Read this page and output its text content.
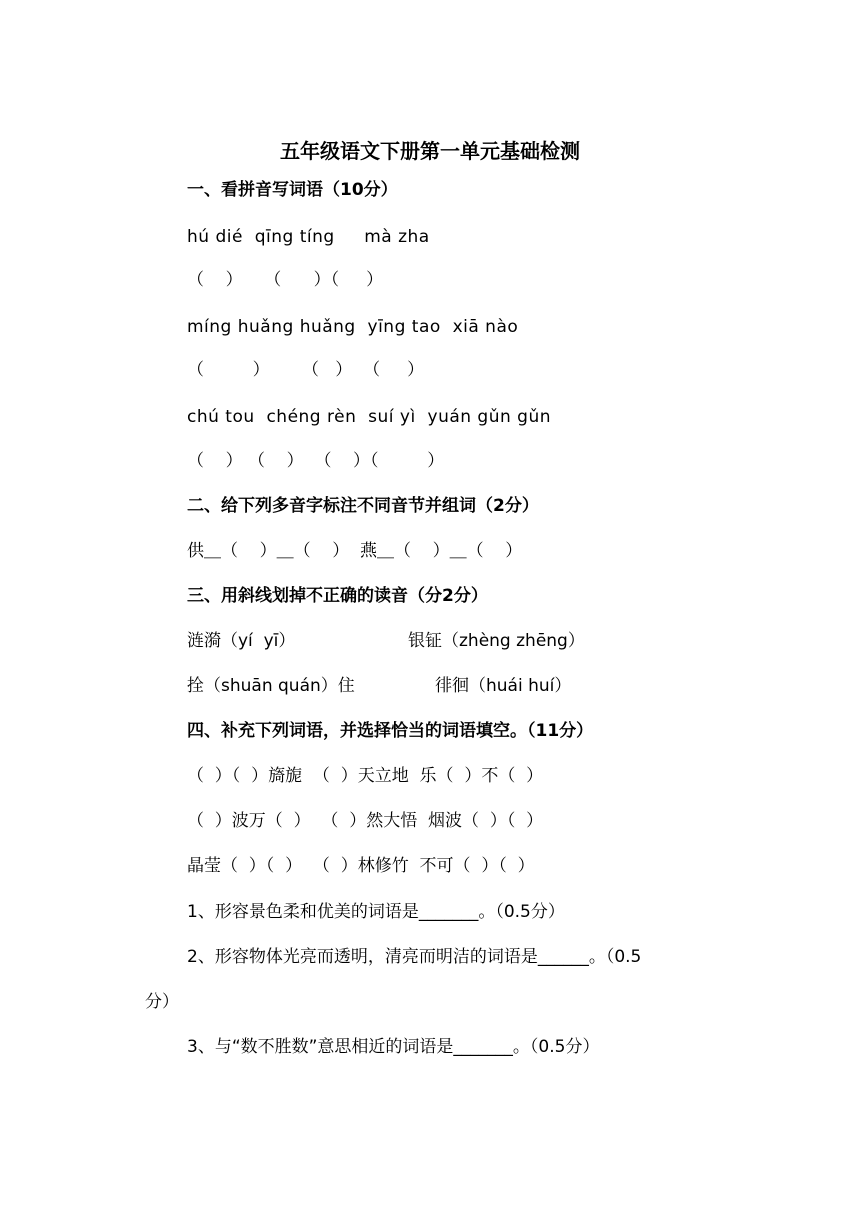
五年级语文下册第一单元基础检测
一、看拼音写词语（10分）
hú dié  qīng tíng     mà zha
（    ）    （      ）（     ）
míng huǎng huǎng  yīng tao  xiā nào
（         ）      （   ）  （     ）
chú tou  chéng rèn  suí yì  yuán gǔn gǔn
（    ） （    ）  （    ）（         ）
二、给下列多音字标注不同音节并组词（2分）
供＿（    ）＿（    ）  燕＿（    ）＿（    ）
三、用斜线划掉不正确的读音（分2分）
涟漪（yí  yī）	银钲（zhèng zhēng）
拴（shuān quán）住	徘徊（huái huí）
四、补充下列词语，并选择恰当的词语填空。（11分）
（  ）（  ）旖旎  （  ）天立地  乐（  ）不（  ）
（  ）波万（  ）  （  ）然大悟  烟波（  ）（  ）
晶莹（  ）（  ）  （  ）林修竹  不可（  ）（  ）
1、形容景色柔和优美的词语是_______。（0.5分）
2、形容物体光亮而透明，清亮而明洁的词语是______。（0.5
分）
3、与“数不胜数”意思相近的词语是_______。（0.5分）
